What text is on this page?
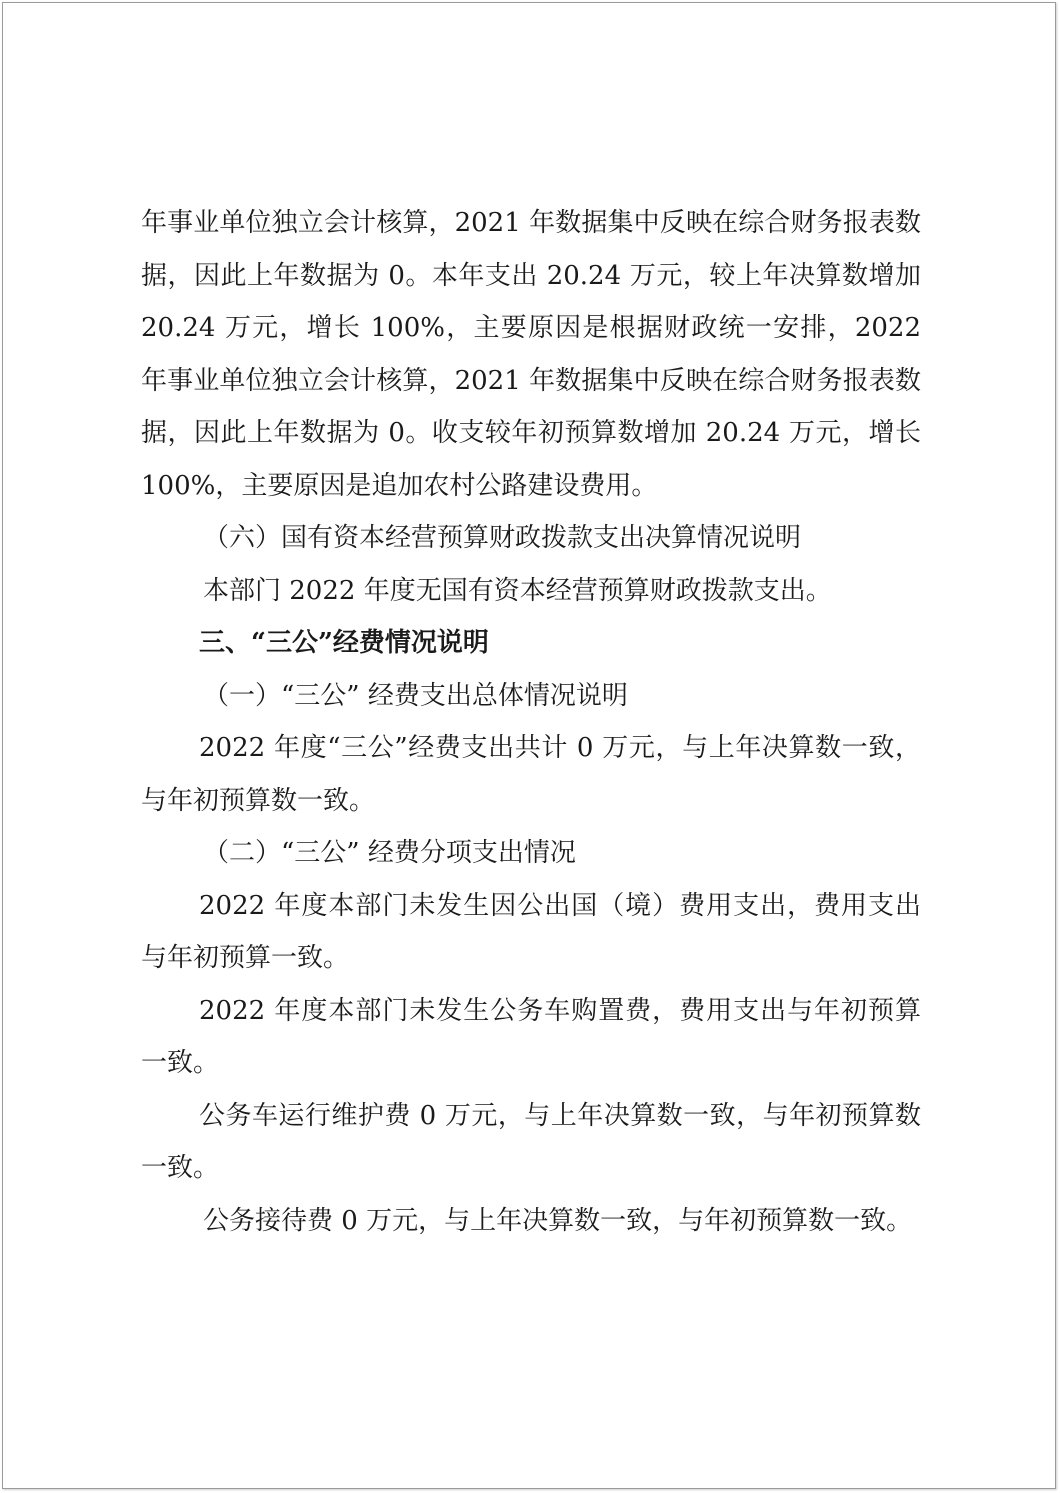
年事业单位独立会计核算，2021 年数据集中反映在综合财务报表数据，因此上年数据为 0。本年支出 20.24 万元，较上年决算数增加 20.24 万元，增长 100%，主要原因是根据财政统一安排，2022 年事业单位独立会计核算，2021 年数据集中反映在综合财务报表数据，因此上年数据为 0。收支较年初预算数增加 20.24 万元，增长 100%，主要原因是追加农村公路建设费用。

（六）国有资本经营预算财政拨款支出决算情况说明

本部门 2022 年度无国有资本经营预算财政拨款支出。

三、“三公”经费情况说明

（一）“三公” 经费支出总体情况说明

2022 年度“三公”经费支出共计 0 万元，与上年决算数一致，与年初预算数一致。

（二）“三公” 经费分项支出情况

2022 年度本部门未发生因公出国（境）费用支出，费用支出与年初预算一致。

2022 年度本部门未发生公务车购置费，费用支出与年初预算一致。

公务车运行维护费 0 万元，与上年决算数一致，与年初预算数一致。

公务接待费 0 万元，与上年决算数一致，与年初预算数一致。
